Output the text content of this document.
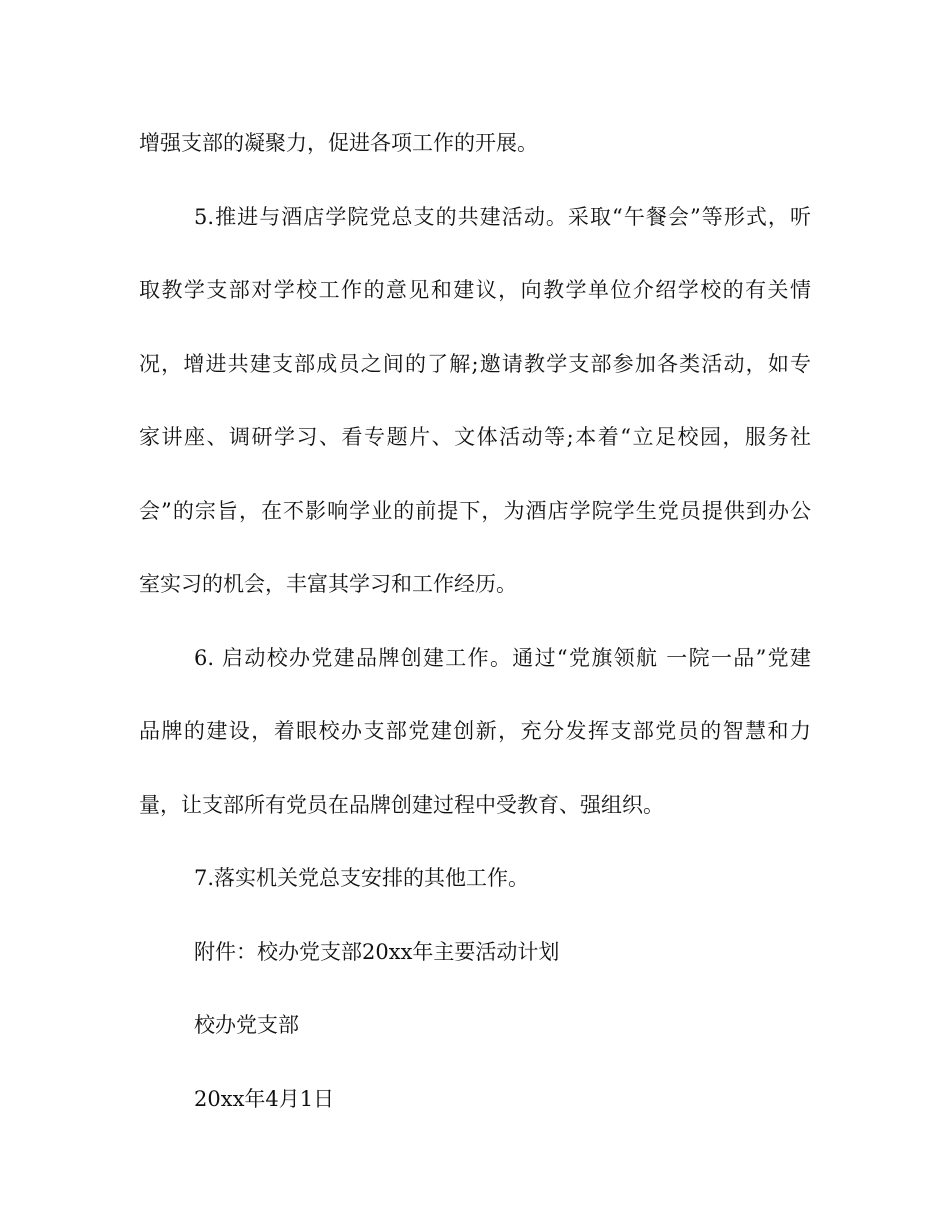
增强支部的凝聚力，促进各项工作的开展。
5.推进与酒店学院党总支的共建活动。采取“午餐会”等形式，听
取教学支部对学校工作的意见和建议，向教学单位介绍学校的有关情
况，增进共建支部成员之间的了解;邀请教学支部参加各类活动，如专
家讲座、调研学习、看专题片、文体活动等;本着“立足校园，服务社
会”的宗旨，在不影响学业的前提下，为酒店学院学生党员提供到办公
室实习的机会，丰富其学习和工作经历。
6. 启动校办党建品牌创建工作。通过“党旗领航 一院一品”党建
品牌的建设，着眼校办支部党建创新，充分发挥支部党员的智慧和力
量，让支部所有党员在品牌创建过程中受教育、强组织。
7.落实机关党总支安排的其他工作。
附件：校办党支部20xx年主要活动计划
校办党支部
20xx年4月1日
